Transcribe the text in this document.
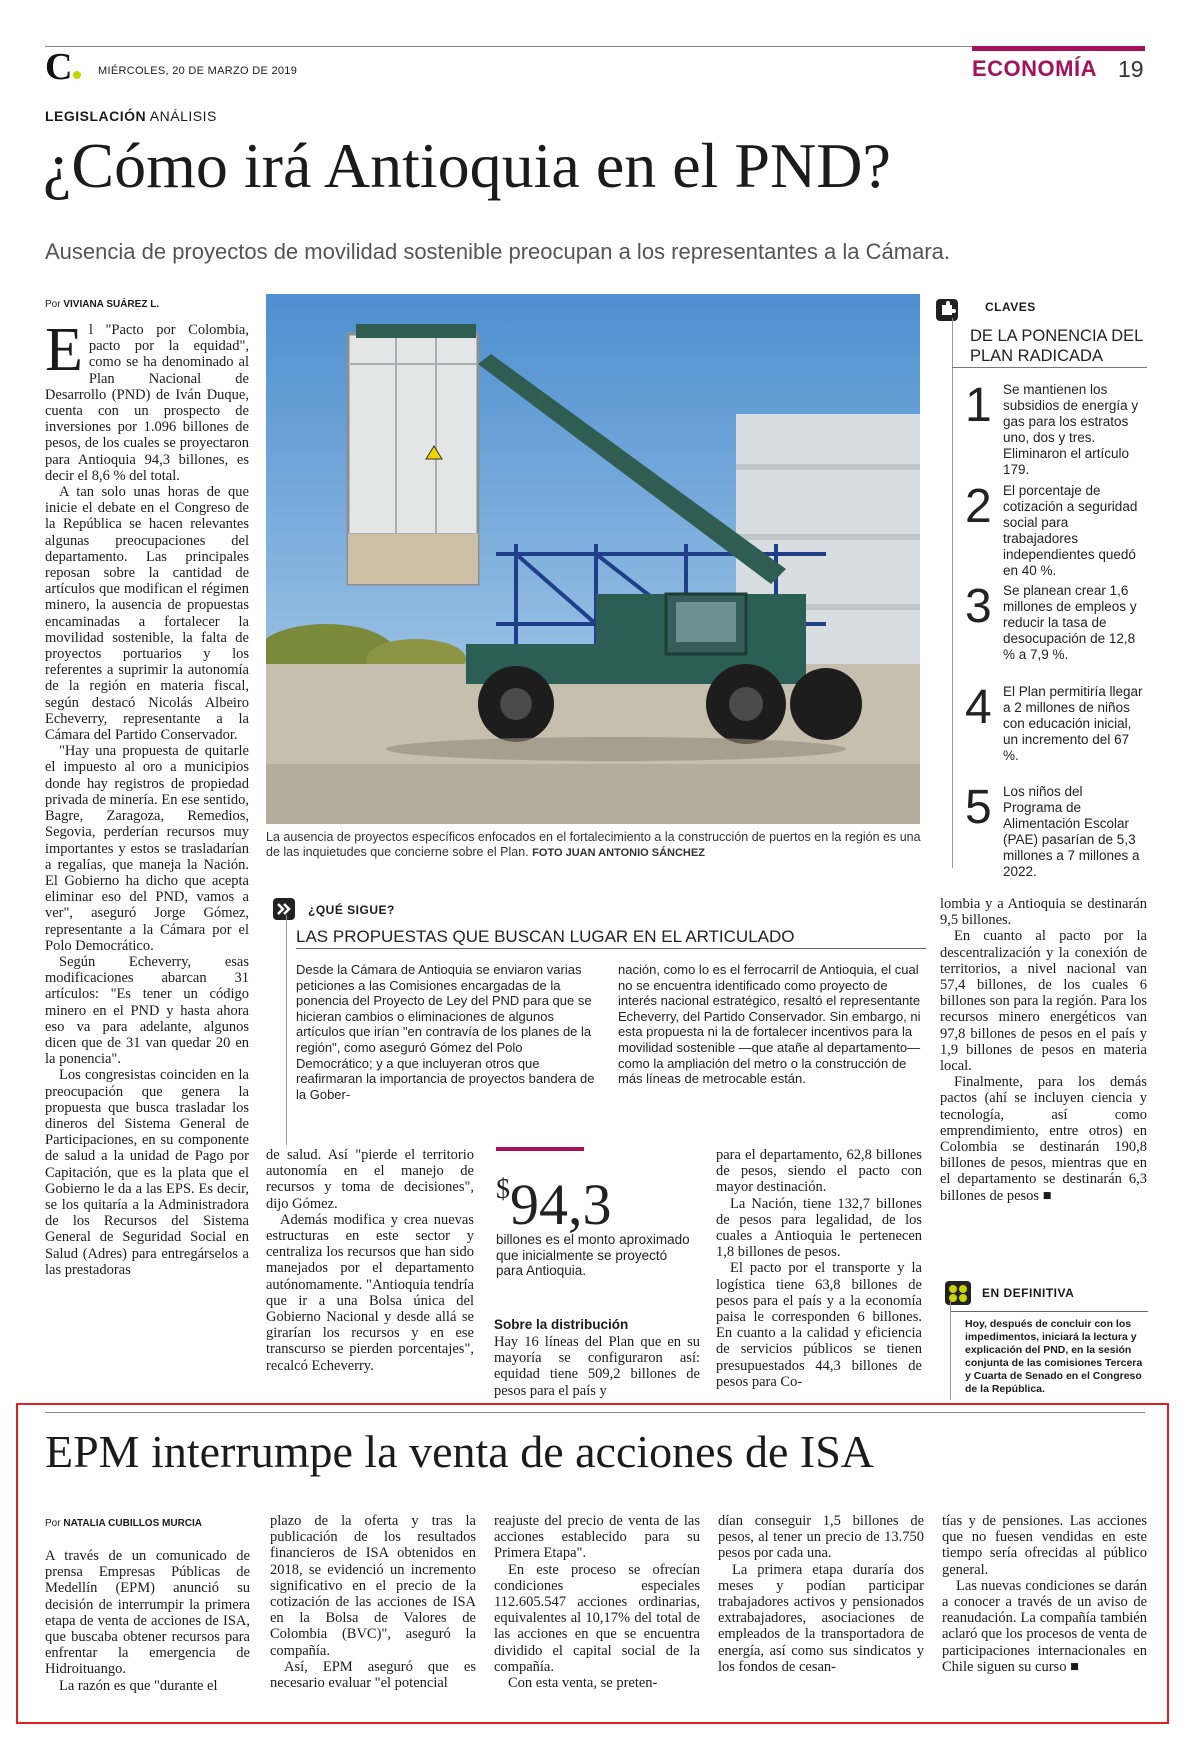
C	MIÉRCOLES, 20 DE MARZO DE 2019	ECONOMÍA 19
LEGISLACIÓN ANÁLISIS
¿Cómo irá Antioquia en el PND?
Ausencia de proyectos de movilidad sostenible preocupan a los representantes a la Cámara.
Por VIVIANA SUÁREZ L.

El "Pacto por Colombia, pacto por la equidad", como se ha denominado al Plan Nacional de Desarrollo (PND) de Iván Duque, cuenta con un prospecto de inversiones por 1.096 billones de pesos, de los cuales se proyectaron para Antioquia 94,3 billones, es decir el 8,6 % del total.

A tan solo unas horas de que inicie el debate en el Congreso de la República se hacen relevantes algunas preocupaciones del departamento. Las principales reposan sobre la cantidad de artículos que modifican el régimen minero, la ausencia de propuestas encaminadas a fortalecer la movilidad sostenible, la falta de proyectos portuarios y los referentes a suprimir la autonomía de la región en materia fiscal, según destacó Nicolás Albeiro Echeverry, representante a la Cámara del Partido Conservador.

"Hay una propuesta de quitarle el impuesto al oro a municipios donde hay registros de propiedad privada de minería. En ese sentido, Bagre, Zaragoza, Remedios, Segovia, perderían recursos muy importantes y estos se trasladarían a regalías, que maneja la Nación. El Gobierno ha dicho que acepta eliminar eso del PND, vamos a ver", aseguró Jorge Gómez, representante a la Cámara por el Polo Democrático.

Según Echeverry, esas modificaciones abarcan 31 artículos: "Es tener un código minero en el PND y hasta ahora eso va para adelante, algunos dicen que de 31 van quedar 20 en la ponencia".

Los congresistas coinciden en la preocupación que genera la propuesta que busca trasladar los dineros del Sistema General de Participaciones, en su componente de salud a la unidad de Pago por Capitación, que es la plata que el Gobierno le da a las EPS. Es decir, se los quitaría a la Administradora de los Recursos del Sistema General de Seguridad Social en Salud (Adres) para entregárselos a las prestadoras

La ausencia de proyectos específicos enfocados en el fortalecimiento a la construcción de puertos en la región es una de las inquietudes que concierne sobre el Plan. FOTO JUAN ANTONIO SÁNCHEZ
CLAVES
DE LA PONENCIA DEL PLAN RADICADA
1 Se mantienen los subsidios de energía y gas para los estratos uno, dos y tres. Eliminaron el artículo 179.
2 El porcentaje de cotización a seguridad social para trabajadores independientes quedó en 40 %.
3 Se planean crear 1,6 millones de empleos y reducir la tasa de desocupación de 12,8 % a 7,9 %.
4 El Plan permitiría llegar a 2 millones de niños con educación inicial, un incremento del 67 %.
5 Los niños del Programa de Alimentación Escolar (PAE) pasarían de 5,3 millones a 7 millones a 2022.
¿QUÉ SIGUE?
LAS PROPUESTAS QUE BUSCAN LUGAR EN EL ARTICULADO
Desde la Cámara de Antioquia se enviaron varias peticiones a las Comisiones encargadas de la ponencia del Proyecto de Ley del PND para que se hicieran cambios o eliminaciones de algunos artículos que irían "en contravía de los planes de la región", como aseguró Gómez del Polo Democrático; y a que incluyeran otros que reafirmaran la importancia de proyectos bandera de la Gober-
nación, como lo es el ferrocarril de Antioquia, el cual no se encuentra identificado como proyecto de interés nacional estratégico, resaltó el representante Echeverry, del Partido Conservador. Sin embargo, ni esta propuesta ni la de fortalecer incentivos para la movilidad sostenible —que atañe al departamento— como la ampliación del metro o la construcción de más líneas de metrocable están.

de salud. Así "pierde el territorio autonomía en el manejo de recursos y toma de decisiones", dijo Gómez.

Además modifica y crea nuevas estructuras en este sector y centraliza los recursos que han sido manejados por el departamento autónomamente. "Antioquia tendría que ir a una Bolsa única del Gobierno Nacional y desde allá se girarían los recursos y en ese transcurso se pierden porcentajes", recalcó Echeverry.

$94,3
billones es el monto aproximado que inicialmente se proyectó para Antioquia.
Sobre la distribución

Hay 16 líneas del Plan que en su mayoría se configuraron así: equidad tiene 509,2 billones de pesos para el país y

para el departamento, 62,8 billones de pesos, siendo el pacto con mayor destinación.

La Nación, tiene 132,7 billones de pesos para legalidad, de los cuales a Antioquia le pertenecen 1,8 billones de pesos.

El pacto por el transporte y la logística tiene 63,8 billones de pesos para el país y a la economía paisa le corresponden 6 billones. En cuanto a la calidad y eficiencia de servicios públicos se tienen presupuestados 44,3 billones de pesos para Co-

lombia y a Antioquia se destinarán 9,5 billones.

En cuanto al pacto por la descentralización y la conexión de territorios, a nivel nacional van 57,4 billones, de los cuales 6 billones son para la región. Para los recursos minero energéticos van 97,8 billones de pesos en el país y 1,9 billones de pesos en materia local.

Finalmente, para los demás pactos (ahí se incluyen ciencia y tecnología, así como emprendimiento, entre otros) en Colombia se destinarán 190,8 billones de pesos, mientras que en el departamento se destinarán 6,3 billones de pesos ■

EN DEFINITIVA
Hoy, después de concluir con los impedimentos, iniciará la lectura y explicación del PND, en la sesión conjunta de las comisiones Tercera y Cuarta de Senado en el Congreso de la República.
EPM interrumpe la venta de acciones de ISA
Por NATALIA CUBILLOS MURCIA

A través de un comunicado de prensa Empresas Públicas de Medellín (EPM) anunció su decisión de interrumpir la primera etapa de venta de acciones de ISA, que buscaba obtener recursos para enfrentar la emergencia de Hidroituango.

La razón es que "durante el

plazo de la oferta y tras la publicación de los resultados financieros de ISA obtenidos en 2018, se evidenció un incremento significativo en el precio de la cotización de las acciones de ISA en la Bolsa de Valores de Colombia (BVC)", aseguró la compañía.

Así, EPM aseguró que es necesario evaluar "el potencial

reajuste del precio de venta de las acciones establecido para su Primera Etapa".

En este proceso se ofrecían condiciones especiales 112.605.547 acciones ordinarias, equivalentes al 10,17% del total de las acciones en que se encuentra dividido el capital social de la compañía.

Con esta venta, se preten-

dían conseguir 1,5 billones de pesos, al tener un precio de 13.750 pesos por cada una.

La primera etapa duraría dos meses y podían participar trabajadores activos y pensionados extrabajadores, asociaciones de empleados de la transportadora de energía, así como sus sindicatos y los fondos de cesan-

tías y de pensiones. Las acciones que no fuesen vendidas en este tiempo sería ofrecidas al público general.

Las nuevas condiciones se darán a conocer a través de un aviso de reanudación. La compañía también aclaró que los procesos de venta de participaciones internacionales en Chile siguen su curso ■
